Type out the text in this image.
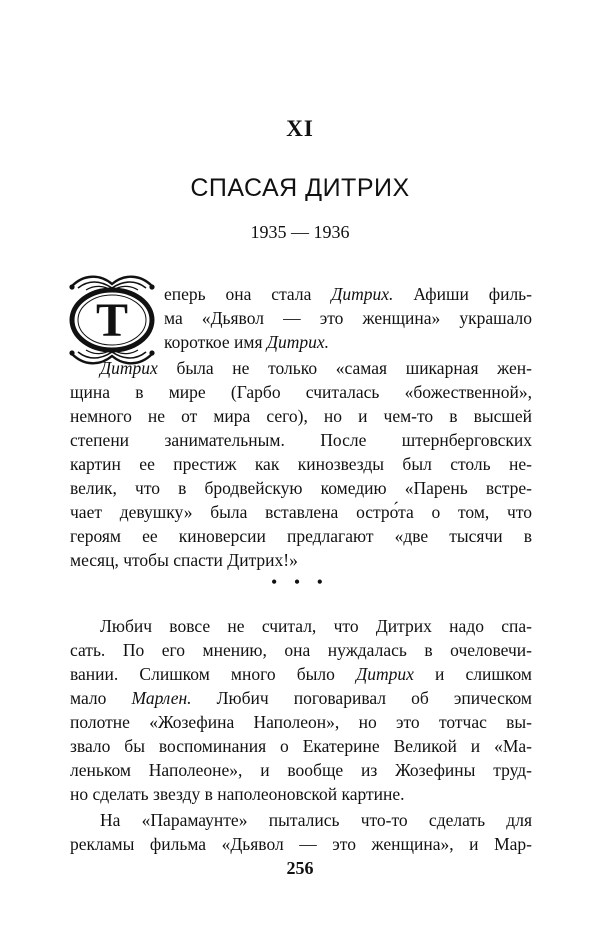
XI
СПАСАЯ ДИТРИХ
1935 — 1936
Т еперь она стала Дитрих. Афиши филь-
ма «Дьявол — это женщина» украшало
короткое имя Дитрих.
Дитрих была не только «самая шикарная жен-
щина в мире (Гарбо считалась «божественной»,
немного не от мира сего), но и чем-то в высшей
степени занимательным. После штернберговских
картин ее престиж как кинозвезды был столь не-
велик, что в бродвейскую комедию «Парень встре-
чает девушку» была вставлена остро́та о том, что
героям ее киноверсии предлагают «две тысячи в
месяц, чтобы спасти Дитрих!»
• • •
Любич вовсе не считал, что Дитрих надо спа-
сать. По его мнению, она нуждалась в очеловечи-
вании. Слишком много было Дитрих и слишком
мало Марлен. Любич поговаривал об эпическом
полотне «Жозефина Наполеон», но это тотчас вы-
звало бы воспоминания о Екатерине Великой и «Ма-
леньком Наполеоне», и вообще из Жозефины труд-
но сделать звезду в наполеоновской картине.
На «Парамаунте» пытались что-то сделать для
рекламы фильма «Дьявол — это женщина», и Мар-
256
